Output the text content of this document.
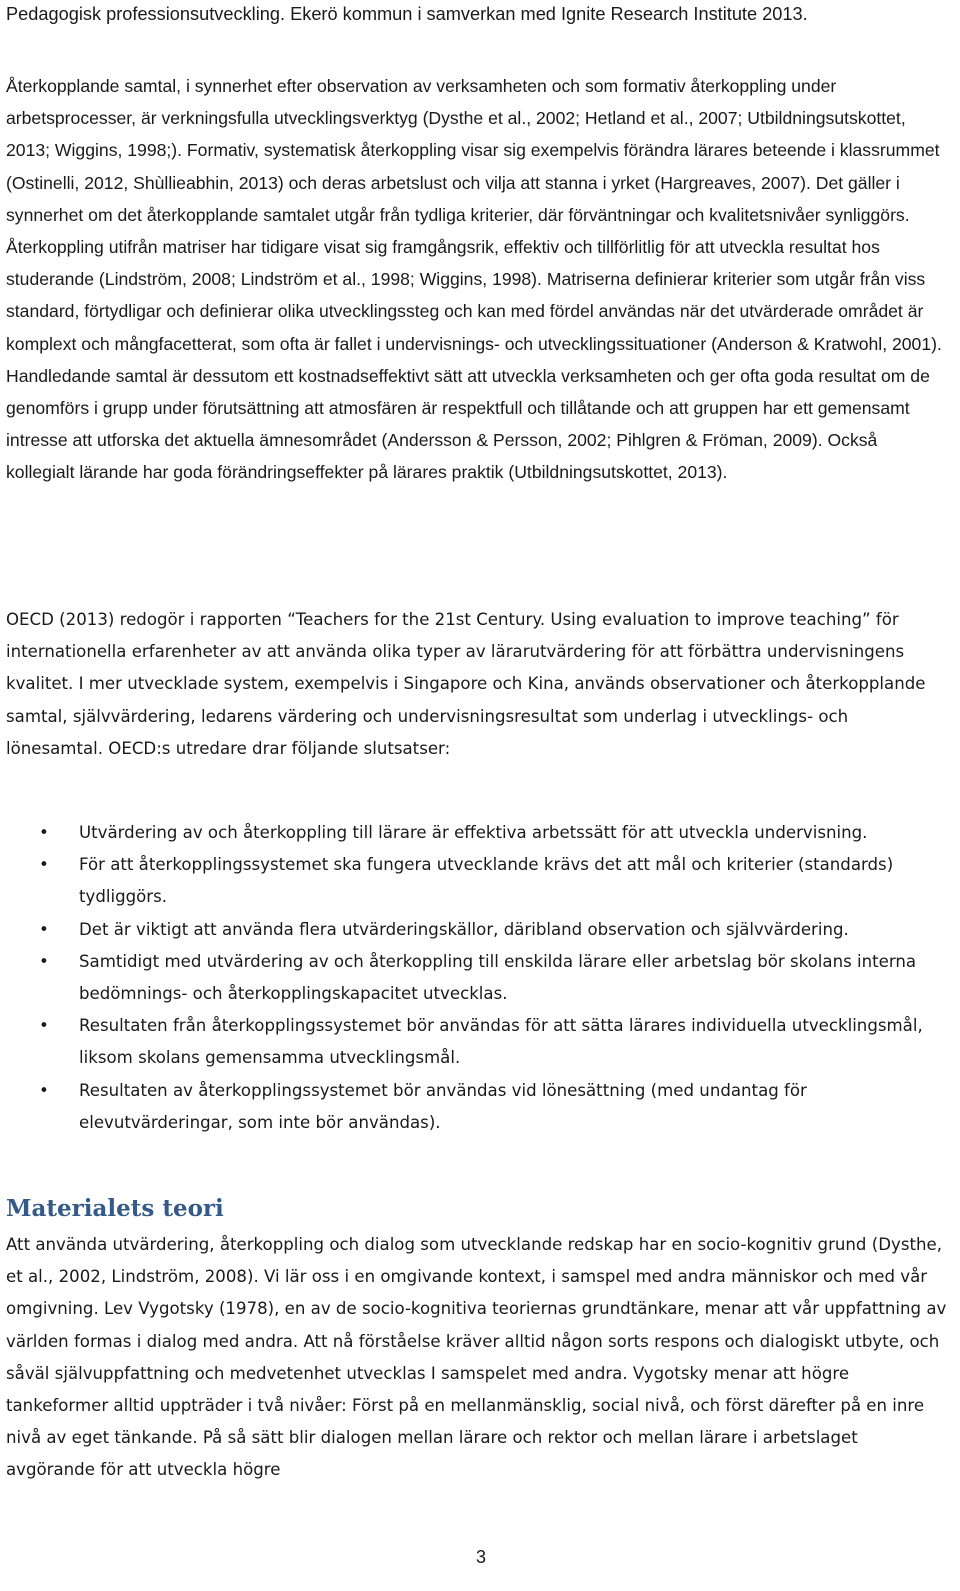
Pedagogisk professionsutveckling. Ekerö kommun i samverkan med Ignite Research Institute 2013.

Återkopplande samtal, i synnerhet efter observation av verksamheten och som formativ återkoppling under arbetsprocesser, är verkningsfulla utvecklingsverktyg (Dysthe et al., 2002; Hetland et al., 2007; Utbildningsutskottet, 2013; Wiggins, 1998;). Formativ, systematisk återkoppling visar sig exempelvis förändra lärares beteende i klassrummet (Ostinelli, 2012, Shùllieabhin, 2013) och deras arbetslust och vilja att stanna i yrket (Hargreaves, 2007). Det gäller i synnerhet om det återkopplande samtalet utgår från tydliga kriterier, där förväntningar och kvalitetsnivåer synliggörs. Återkoppling utifrån matriser har tidigare visat sig framgångsrik, effektiv och tillförlitlig för att utveckla resultat hos studerande (Lindström, 2008; Lindström et al., 1998; Wiggins, 1998). Matriserna definierar kriterier som utgår från viss standard, förtydligar och definierar olika utvecklingssteg och kan med fördel användas när det utvärderade området är komplext och mångfacetterat, som ofta är fallet i undervisnings- och utvecklingssituationer (Anderson & Kratwohl, 2001). Handledande samtal är dessutom ett kostnadseffektivt sätt att utveckla verksamheten och ger ofta goda resultat om de genomförs i grupp under förutsättning att atmosfären är respektfull och tillåtande och att gruppen har ett gemensamt intresse att utforska det aktuella ämnesområdet (Andersson & Persson, 2002; Pihlgren & Fröman, 2009). Också kollegialt lärande har goda förändringseffekter på lärares praktik (Utbildningsutskottet, 2013).

OECD (2013) redogör i rapporten “Teachers for the 21st Century. Using evaluation to improve teaching” för internationella erfarenheter av att använda olika typer av lärarutvärdering för att förbättra undervisningens kvalitet. I mer utvecklade system, exempelvis i Singapore och Kina, används observationer och återkopplande samtal, självvärdering, ledarens värdering och undervisningsresultat som underlag i utvecklings- och lönesamtal. OECD:s utredare drar följande slutsatser:

• Utvärdering av och återkoppling till lärare är effektiva arbetssätt för att utveckla undervisning.
• För att återkopplingssystemet ska fungera utvecklande krävs det att mål och kriterier (standards) tydliggörs.
• Det är viktigt att använda flera utvärderingskällor, däribland observation och självvärdering.
• Samtidigt med utvärdering av och återkoppling till enskilda lärare eller arbetslag bör skolans interna bedömnings- och återkopplingskapacitet utvecklas.
• Resultaten från återkopplingssystemet bör användas för att sätta lärares individuella utvecklingsmål, liksom skolans gemensamma utvecklingsmål.
• Resultaten av återkopplingssystemet bör användas vid lönesättning (med undantag för elevutvärderingar, som inte bör användas).
Materialets teori

Att använda utvärdering, återkoppling och dialog som utvecklande redskap har en socio-kognitiv grund (Dysthe, et al., 2002, Lindström, 2008). Vi lär oss i en omgivande kontext, i samspel med andra människor och med vår omgivning. Lev Vygotsky (1978), en av de socio-kognitiva teoriernas grundtänkare, menar att vår uppfattning av världen formas i dialog med andra. Att nå förståelse kräver alltid någon sorts respons och dialogiskt utbyte, och såväl självuppfattning och medvetenhet utvecklas I samspelet med andra. Vygotsky menar att högre tankeformer alltid uppträder i två nivåer: Först på en mellanmänsklig, social nivå, och först därefter på en inre nivå av eget tänkande. På så sätt blir dialogen mellan lärare och rektor och mellan lärare i arbetslaget avgörande för att utveckla högre

3
